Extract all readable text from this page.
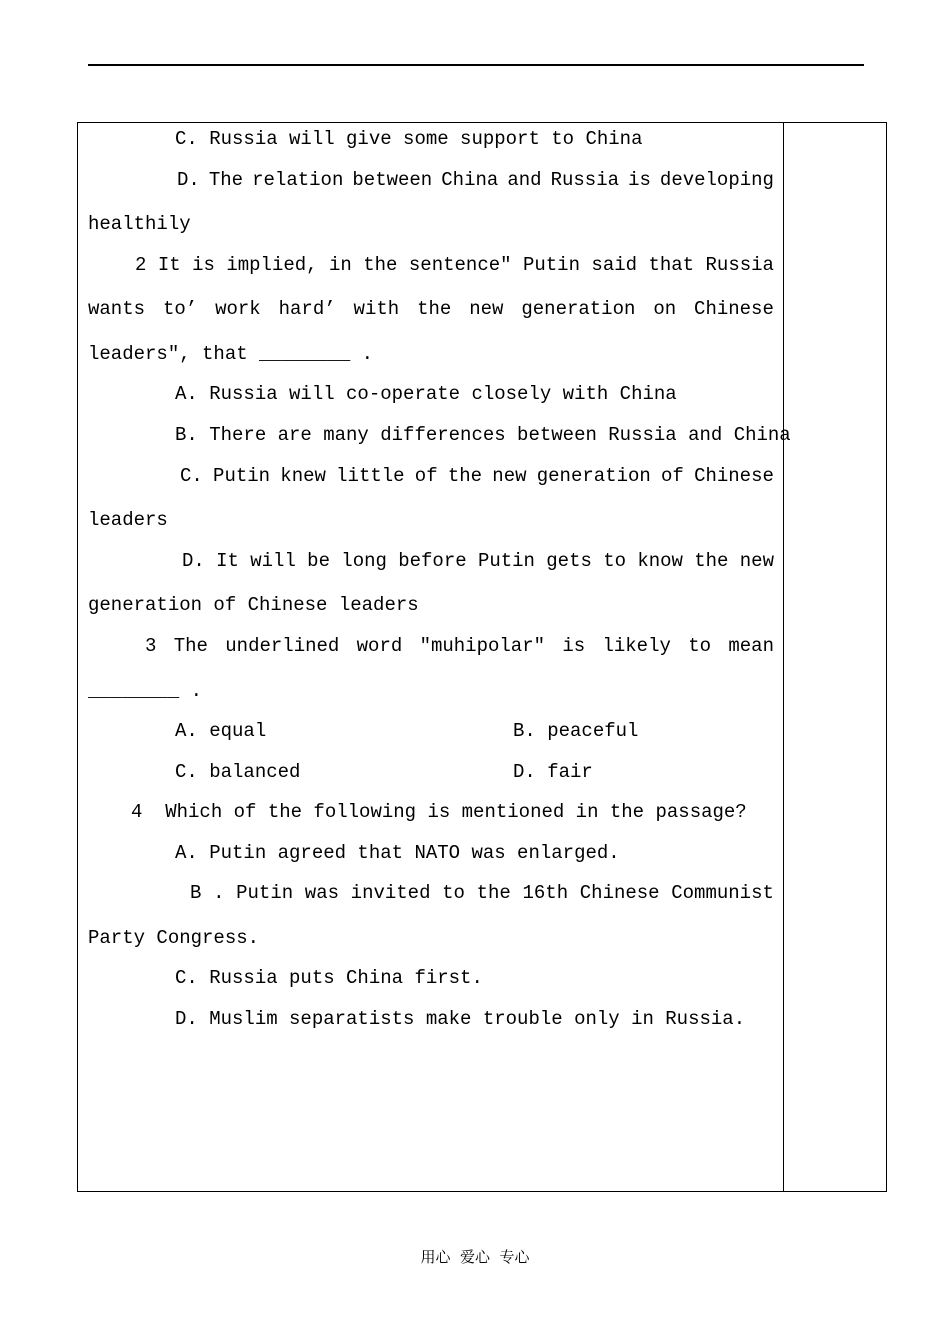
C. Russia will give some support to China
D. The relation between China and Russia is developing
healthily
2 It is implied, in the sentence″ Putin said that Russia
wants to’ work hard’ with the new generation on Chinese
leaders″, that ________ .
A. Russia will co-operate closely with China
B. There are many differences between Russia and China
C. Putin knew little of the new generation of Chinese
leaders
D. It will be long before Putin gets to know the new
generation of Chinese leaders
3 The underlined word ″muhipolar″ is likely to mean
________ .
A. equal	B. peaceful
C. balanced	D. fair
4  Which of the following is mentioned in the passage?
A. Putin agreed that NATO was enlarged.
B . Putin was invited to the 16th Chinese Communist
Party Congress.
C. Russia puts China first.
D. Muslim separatists make trouble only in Russia.
用心  爱心  专心
